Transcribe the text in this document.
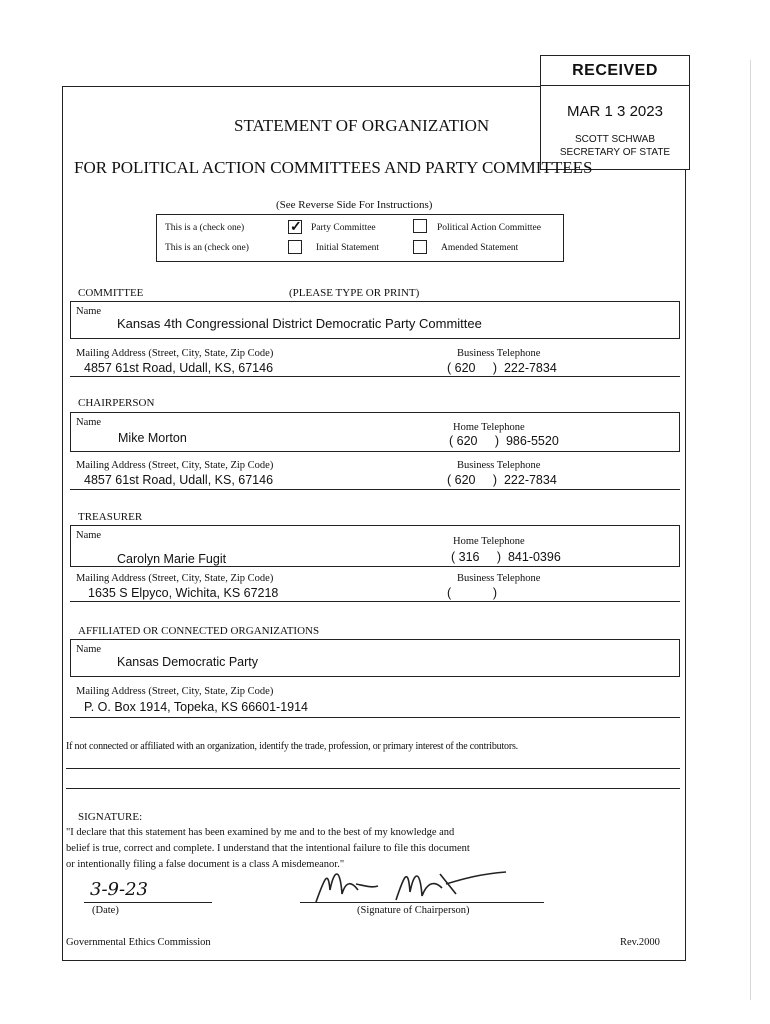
RECEIVED
MAR 1 3 2023
SCOTT SCHWAB
SECRETARY OF STATE
STATEMENT OF ORGANIZATION
FOR POLITICAL ACTION COMMITTEES AND PARTY COMMITTEES
(See Reverse Side For Instructions)
This is a (check one)
This is an (check one)
✓ Party Committee	Political Action Committee
Initial Statement	Amended Statement
COMMITTEE	(PLEASE TYPE OR PRINT)
Name
Kansas 4th Congressional District Democratic Party Committee
Mailing Address (Street, City, State, Zip Code)
4857 61st Road, Udall, KS, 67146
Business Telephone
( 620     )  222-7834
CHAIRPERSON
Name
Mike Morton
Home Telephone
( 620     )  986-5520
Mailing Address (Street, City, State, Zip Code)
4857 61st Road, Udall, KS, 67146
Business Telephone
( 620     )  222-7834
TREASURER
Name
Carolyn Marie Fugit
Home Telephone
( 316     )  841-0396
Mailing Address (Street, City, State, Zip Code)
1635 S Elpyco, Wichita, KS 67218
Business Telephone
(            )
AFFILIATED OR CONNECTED ORGANIZATIONS
Name
Kansas Democratic Party
Mailing Address (Street, City, State, Zip Code)
P. O. Box 1914, Topeka, KS 66601-1914
If not connected or affiliated with an organization, identify the trade, profession, or primary interest of the contributors.
SIGNATURE:
"I declare that this statement has been examined by me and to the best of my knowledge and
belief is true, correct and complete. I understand that the intentional failure to file this document
or intentionally filing a false document is a class A misdemeanor."
3-9-23
(Date)	(Signature of Chairperson)
Governmental Ethics Commission	Rev.2000
